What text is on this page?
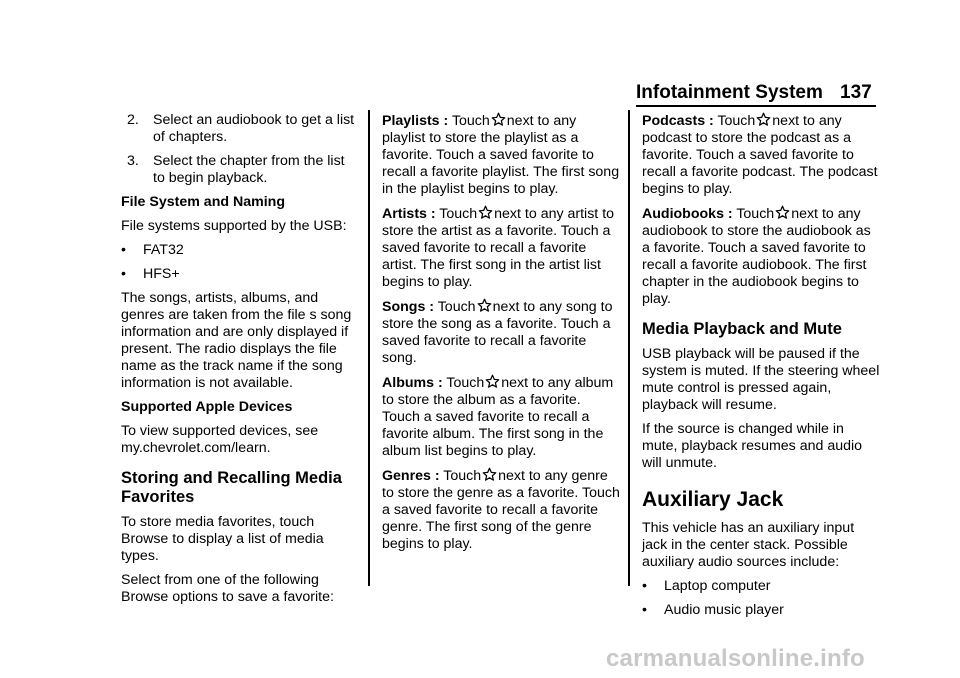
Infotainment System 137
2. Select an audiobook to get a list of chapters.
3. Select the chapter from the list to begin playback.
File System and Naming

File systems supported by the USB:

•	FAT32
•	HFS+

The songs, artists, albums, and genres are taken from the file s song information and are only displayed if present. The radio displays the file name as the track name if the song information is not available.

Supported Apple Devices

To view supported devices, see my.chevrolet.com/learn.

Storing and Recalling Media Favorites

To store media favorites, touch Browse to display a list of media types.

Select from one of the following Browse options to save a favorite:

Playlists : Touch next to any playlist to store the playlist as a favorite. Touch a saved favorite to recall a favorite playlist. The first song in the playlist begins to play.

Artists : Touch next to any artist to store the artist as a favorite. Touch a saved favorite to recall a favorite artist. The first song in the artist list begins to play.

Songs : Touch next to any song to store the song as a favorite. Touch a saved favorite to recall a favorite song.

Albums : Touch next to any album to store the album as a favorite. Touch a saved favorite to recall a favorite album. The first song in the album list begins to play.

Genres : Touch next to any genre to store the genre as a favorite. Touch a saved favorite to recall a favorite genre. The first song of the genre begins to play.

Podcasts : Touch next to any podcast to store the podcast as a favorite. Touch a saved favorite to recall a favorite podcast. The podcast begins to play.

Audiobooks : Touch next to any audiobook to store the audiobook as a favorite. Touch a saved favorite to recall a favorite audiobook. The first chapter in the audiobook begins to play.

Media Playback and Mute

USB playback will be paused if the system is muted. If the steering wheel mute control is pressed again, playback will resume.

If the source is changed while in mute, playback resumes and audio will unmute.

Auxiliary Jack

This vehicle has an auxiliary input jack in the center stack. Possible auxiliary audio sources include:

•	Laptop computer
•	Audio music player
carmanualsonline.info
